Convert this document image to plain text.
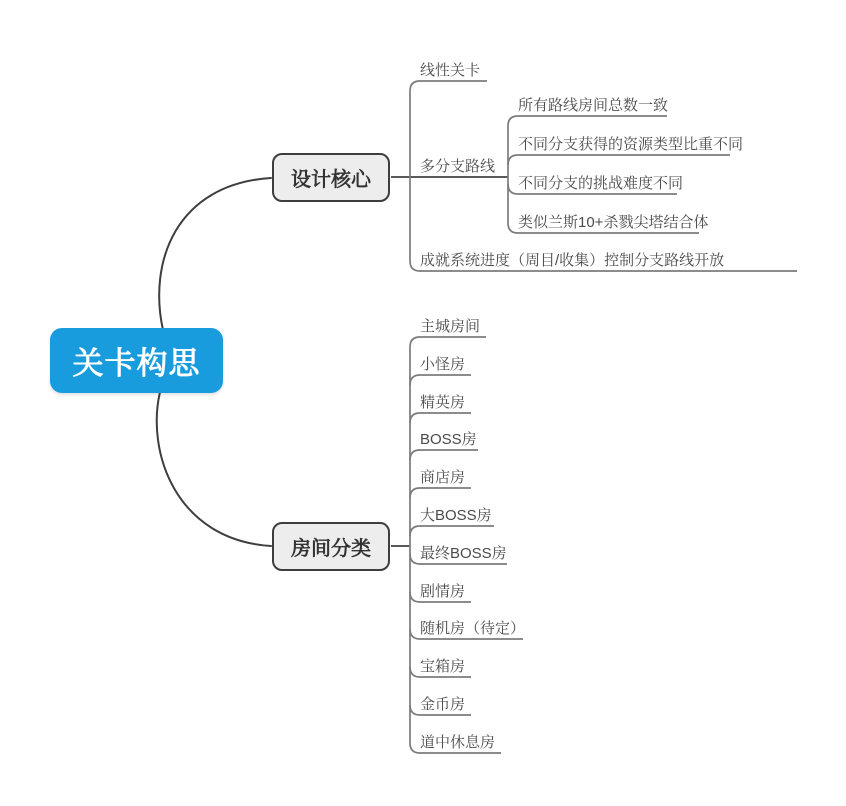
关卡构思
设计核心
房间分类
线性关卡
多分支路线
成就系统进度（周目/收集）控制分支路线开放
所有路线房间总数一致
不同分支获得的资源类型比重不同
不同分支的挑战难度不同
类似兰斯10+杀戮尖塔结合体
主城房间
小怪房
精英房
BOSS房
商店房
大BOSS房
最终BOSS房
剧情房
随机房（待定）
宝箱房
金币房
道中休息房
